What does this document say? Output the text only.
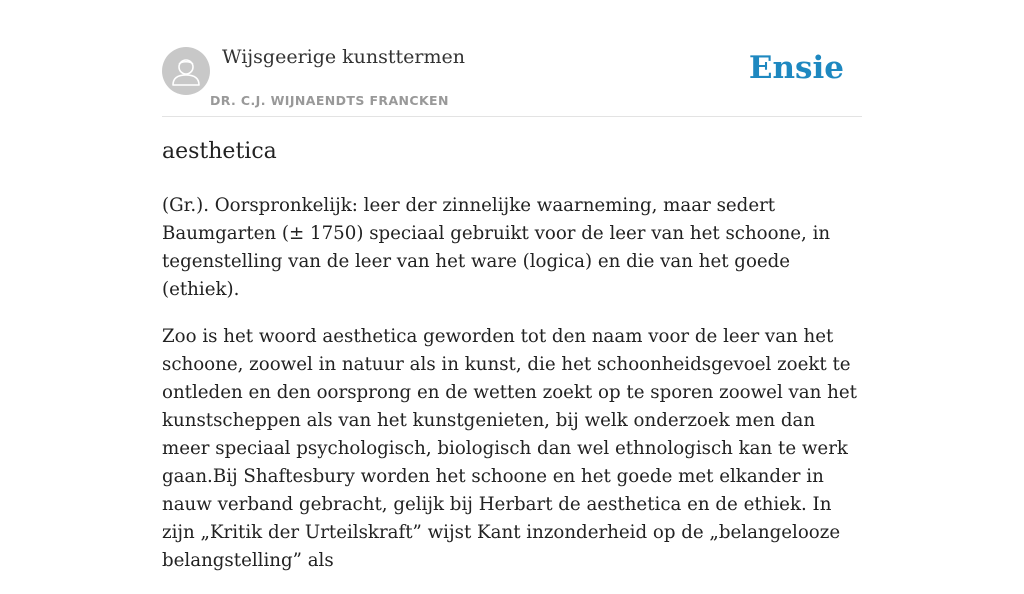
Wijsgeerige kunsttermen
DR. C.J. WIJNAENDTS FRANCKEN
Ensie
aesthetica

(Gr.). Oorspronkelijk: leer der zinnelijke waarneming, maar sedert Baumgarten (± 1750) speciaal gebruikt voor de leer van het schoone, in tegenstelling van de leer van het ware (logica) en die van het goede (ethiek).

Zoo is het woord aesthetica geworden tot den naam voor de leer van het schoone, zoowel in natuur als in kunst, die het schoonheidsgevoel zoekt te ontleden en den oorsprong en de wetten zoekt op te sporen zoowel van het kunstscheppen als van het kunstgenieten, bij welk onderzoek men dan meer speciaal psychologisch, biologisch dan wel ethnologisch kan te werk gaan.Bij Shaftesbury worden het schoone en het goede met elkander in nauw verband gebracht, gelijk bij Herbart de aesthetica en de ethiek. In zijn „Kritik der Urteilskraft” wijst Kant inzonderheid op de „belangelooze belangstelling” als
